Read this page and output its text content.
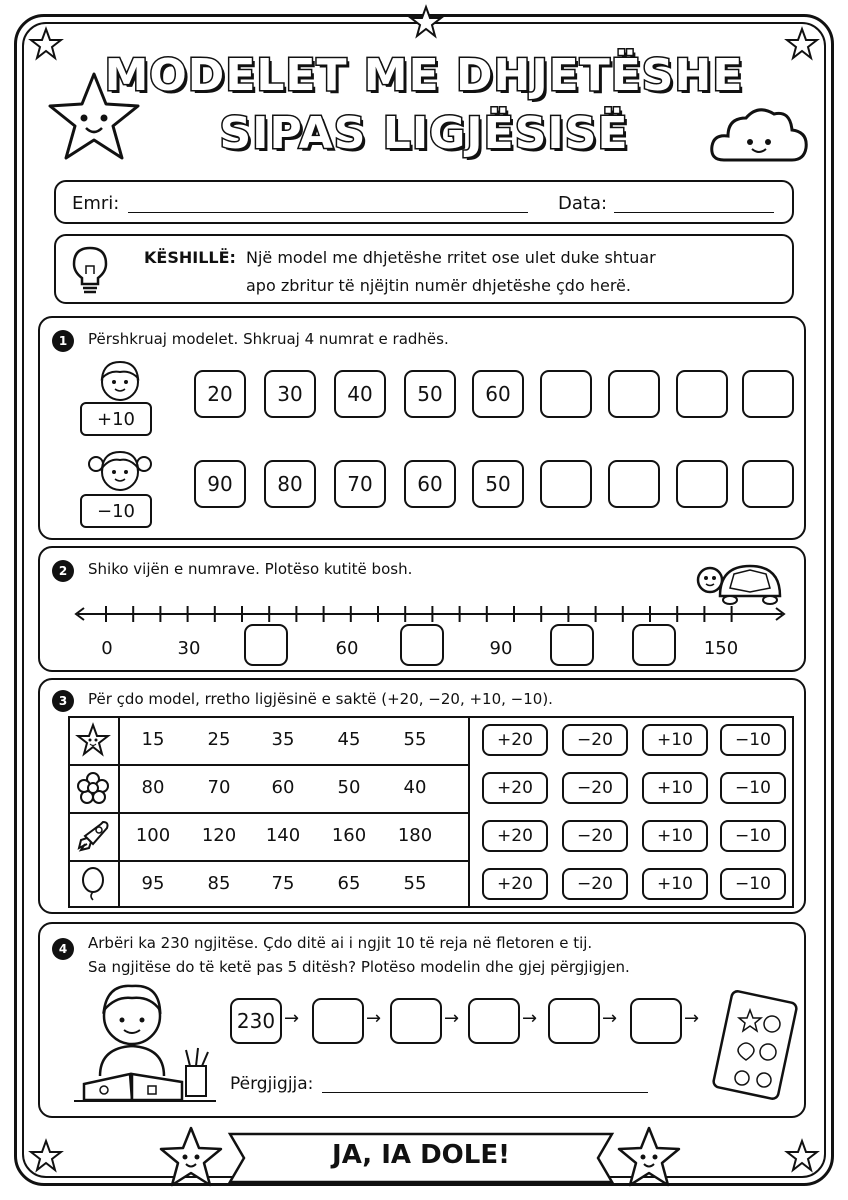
MODELET ME DHJETËSHE
SIPAS LIGJËSISË
Emri:	Data:
KËSHILLË: Një model me dhjetëshe rritet ose ulet duke shtuar
apo zbritur të njëjtin numër dhjetëshe çdo herë.
1	Përshkruaj modelet. Shkruaj 4 numrat e radhës.
+10
−10
20	30	40	50	60
90	80	70	60	50
2	Shiko vijën e numrave. Plotëso kutitë bosh.
0	30	60	90	150
3	Për çdo model, rretho ligjësinë e saktë (+20, −20, +10, −10).
15	25	35	45	55	+20	−20	+10	−10
80	70	60	50	40	+20	−20	+10	−10
100	120	140	160	180	+20	−20	+10	−10
95	85	75	65	55	+20	−20	+10	−10
4	Arbëri ka 230 ngjitëse. Çdo ditë ai i ngjit 10 të reja në fletoren e tij.
Sa ngjitëse do të ketë pas 5 ditësh? Plotëso modelin dhe gjej përgjigjen.
Përgjigjja:
230 →	→	→	→	→	→
JA, IA DOLE!
